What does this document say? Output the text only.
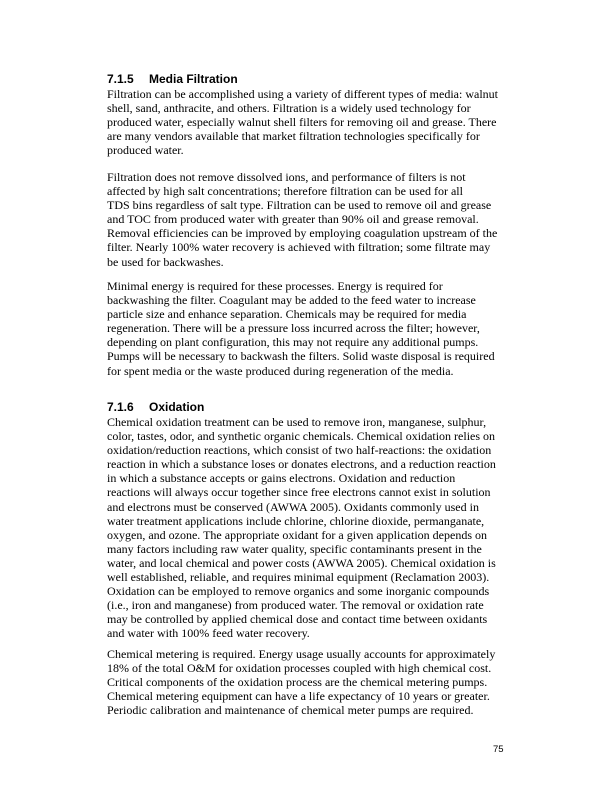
7.1.5 Media Filtration
Filtration can be accomplished using a variety of different types of media: walnut
shell, sand, anthracite, and others. Filtration is a widely used technology for
produced water, especially walnut shell filters for removing oil and grease. There
are many vendors available that market filtration technologies specifically for
produced water.
Filtration does not remove dissolved ions, and performance of filters is not
affected by high salt concentrations; therefore filtration can be used for all
TDS bins regardless of salt type. Filtration can be used to remove oil and grease
and TOC from produced water with greater than 90% oil and grease removal.
Removal efficiencies can be improved by employing coagulation upstream of the
filter. Nearly 100% water recovery is achieved with filtration; some filtrate may
be used for backwashes.
Minimal energy is required for these processes. Energy is required for
backwashing the filter. Coagulant may be added to the feed water to increase
particle size and enhance separation. Chemicals may be required for media
regeneration. There will be a pressure loss incurred across the filter; however,
depending on plant configuration, this may not require any additional pumps.
Pumps will be necessary to backwash the filters. Solid waste disposal is required
for spent media or the waste produced during regeneration of the media.
7.1.6 Oxidation
Chemical oxidation treatment can be used to remove iron, manganese, sulphur,
color, tastes, odor, and synthetic organic chemicals. Chemical oxidation relies on
oxidation/reduction reactions, which consist of two half-reactions: the oxidation
reaction in which a substance loses or donates electrons, and a reduction reaction
in which a substance accepts or gains electrons. Oxidation and reduction
reactions will always occur together since free electrons cannot exist in solution
and electrons must be conserved (AWWA 2005). Oxidants commonly used in
water treatment applications include chlorine, chlorine dioxide, permanganate,
oxygen, and ozone. The appropriate oxidant for a given application depends on
many factors including raw water quality, specific contaminants present in the
water, and local chemical and power costs (AWWA 2005). Chemical oxidation is
well established, reliable, and requires minimal equipment (Reclamation 2003).
Oxidation can be employed to remove organics and some inorganic compounds
(i.e., iron and manganese) from produced water. The removal or oxidation rate
may be controlled by applied chemical dose and contact time between oxidants
and water with 100% feed water recovery.
Chemical metering is required. Energy usage usually accounts for approximately
18% of the total O&M for oxidation processes coupled with high chemical cost.
Critical components of the oxidation process are the chemical metering pumps.
Chemical metering equipment can have a life expectancy of 10 years or greater.
Periodic calibration and maintenance of chemical meter pumps are required.
75
